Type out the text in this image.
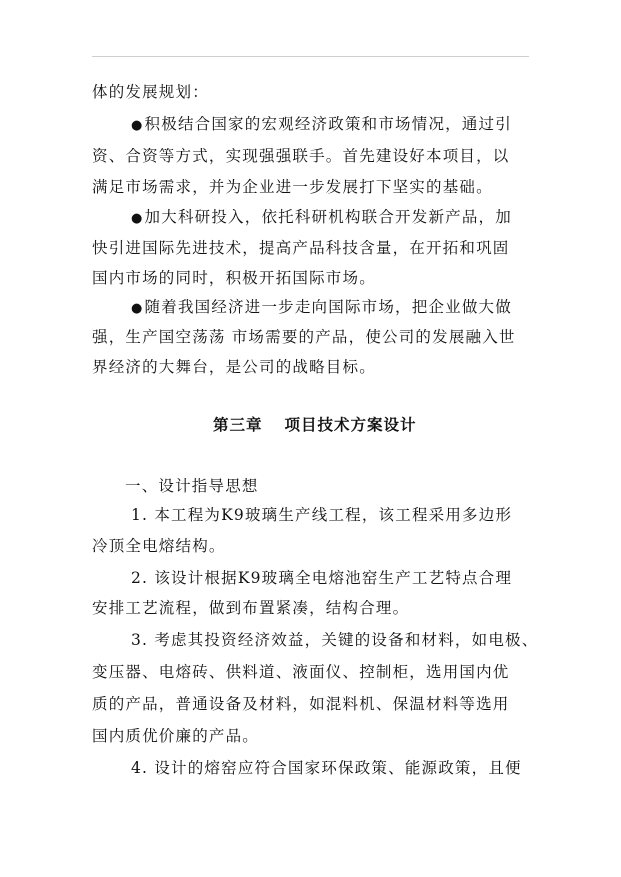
体的发展规划：
●积极结合国家的宏观经济政策和市场情况，通过引
资、合资等方式，实现强强联手。首先建设好本项目，以
满足市场需求，并为企业进一步发展打下坚实的基础。
●加大科研投入，依托科研机构联合开发新产品，加
快引进国际先进技术，提高产品科技含量，在开拓和巩固
国内市场的同时，积极开拓国际市场。
●随着我国经济进一步走向国际市场，把企业做大做
强，生产国空荡荡 市场需要的产品，使公司的发展融入世
界经济的大舞台，是公司的战略目标。
第三章 项目技术方案设计
一、设计指导思想
1. 本工程为K9玻璃生产线工程，该工程采用多边形
冷顶全电熔结构。
2. 该设计根据K9玻璃全电熔池窑生产工艺特点合理
安排工艺流程，做到布置紧凑，结构合理。
3. 考虑其投资经济效益，关键的设备和材料，如电极、
变压器、电熔砖、供料道、液面仪、控制柜，选用国内优
质的产品，普通设备及材料，如混料机、保温材料等选用
国内质优价廉的产品。
4. 设计的熔窑应符合国家环保政策、能源政策，且便
